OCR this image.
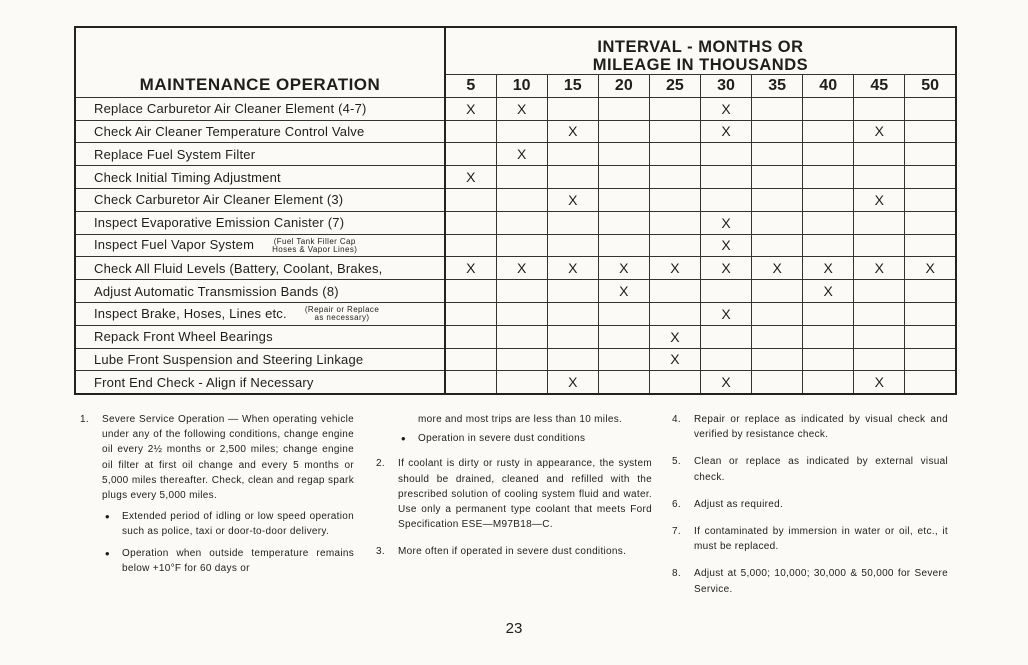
MAINTENANCE OPERATION	INTERVAL - MONTHS OR
MILEAGE IN THOUSANDS									

	5	10	15	20	25	30	35	40	45	50
Replace Carburetor Air Cleaner Element (4-7)	X	X				X				
Check Air Cleaner Temperature Control Valve			X			X			X	
Replace Fuel System Filter		X								
Check Initial Timing Adjustment	X									
Check Carburetor Air Cleaner Element (3)			X						X	
Inspect Evaporative Emission Canister (7)						X				
Inspect Fuel Vapor System (Fuel Tank Filler Cap
Hoses & Vapor Lines)						X				
Check All Fluid Levels (Battery, Coolant, Brakes,	X	X	X	X	X	X	X	X	X	X
Adjust Automatic Transmission Bands (8)				X				X		
Inspect Brake, Hoses, Lines etc. (Repair or Replace
as necessary)						X				
Repack Front Wheel Bearings					X					
Lube Front Suspension and Steering Linkage					X					
Front End Check - Align if Necessary			X			X			X	
1. Severe Service Operation — When operating vehicle under any of the following conditions, change engine oil every 2½ months or 2,500 miles; change engine oil filter at first oil change and every 5 months or 5,000 miles thereafter. Check, clean and regap spark plugs every 5,000 miles.
• Extended period of idling or low speed operation such as police, taxi or door-to-door delivery.
• Operation when outside temperature remains below +10°F for 60 days or
more and most trips are less than 10 miles.
• Operation in severe dust conditions
2. If coolant is dirty or rusty in appearance, the system should be drained, cleaned and refilled with the prescribed solution of cooling system fluid and water. Use only a permanent type coolant that meets Ford Specification ESE—M97B18—C.
3. More often if operated in severe dust conditions.
4. Repair or replace as indicated by visual check and verified by resistance check.
5. Clean or replace as indicated by external visual check.
6. Adjust as required.
7. If contaminated by immersion in water or oil, etc., it must be replaced.
8. Adjust at 5,000; 10,000; 30,000 & 50,000 for Severe Service.
23
